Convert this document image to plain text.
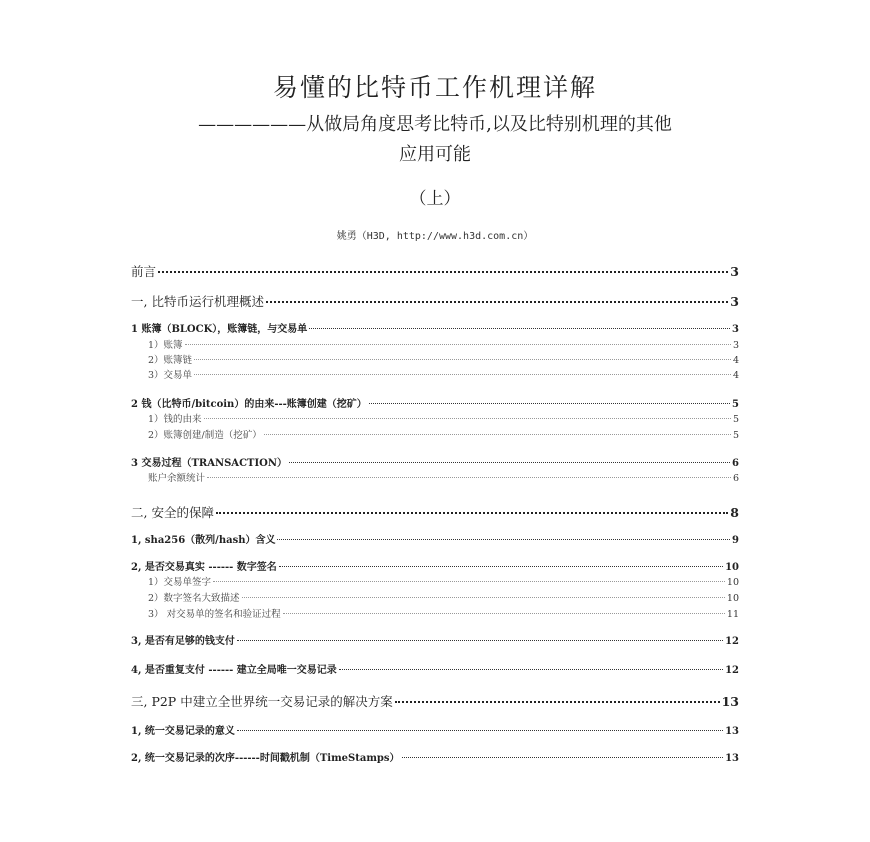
易懂的比特币工作机理详解
——————从做局角度思考比特币,以及比特别机理的其他
应用可能
（上）
姚勇（H3D, http://www.h3d.com.cn）
前言	3
一, 比特币运行机理概述	3
1 账簿（BLOCK），账簿链，与交易单	3
1）账簿	3
2）账簿链	4
3）交易单	4
2 钱（比特币/bitcoin）的由来---账簿创建（挖矿）	5
1）钱的由来	5
2）账簿创建/制造（挖矿）	5
3 交易过程（TRANSACTION）	6
账户余额统计	6
二, 安全的保障	8
1, sha256（散列/hash）含义	9
2, 是否交易真实 ------ 数字签名	10
1）交易单签字	10
2）数字签名大致描述	10
3） 对交易单的签名和验证过程	11
3, 是否有足够的钱支付	12
4, 是否重复支付 ------ 建立全局唯一交易记录	12
三, P2P 中建立全世界统一交易记录的解决方案	13
1, 统一交易记录的意义	13
2, 统一交易记录的次序------时间戳机制（TimeStamps）	13
